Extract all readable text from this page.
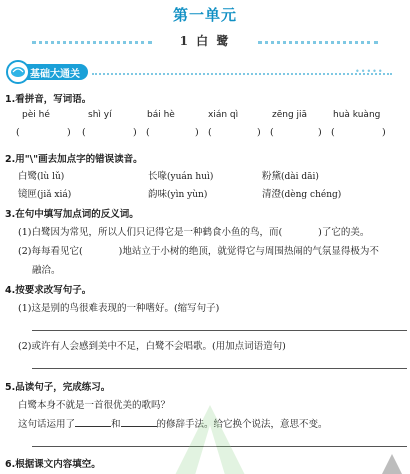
第一单元
1 白 鹭
基础大通关	•••••
1.看拼音，写词语。
pèi hé	shì yí	bái hè	xián qì	zēng jiā	huà kuàng
(	) (	) (	) (	) (	) (	)
2.用"\"画去加点字的错误读音。
白鹭(lù lǔ)	长喙(yuán huì)	粉黛(dài dāi)
镜匣(jiǎ xiá)	韵味(yìn yùn)	清澄(dèng chéng)
3.在句中填写加点词的反义词。
(1)白鹭因为常见，所以人们只记得它是一种鹤食小鱼的鸟，而(	)了它的美。
(2)每每看见它(	)地站立于小树的绝顶，就觉得它与周围热闹的气氛显得极为不
融洽。
4.按要求改写句子。
(1)这是别的鸟很难表现的一种嗜好。(缩写句子)
(2)或许有人会感到美中不足，白鹭不会唱歌。(用加点词语造句)
5.品读句子，完成练习。
白鹭本身不就是一首很优美的歌吗？
这句话运用了	和	的修辞手法。给它换个说法，意思不变。
6.根据课文内容填空。
